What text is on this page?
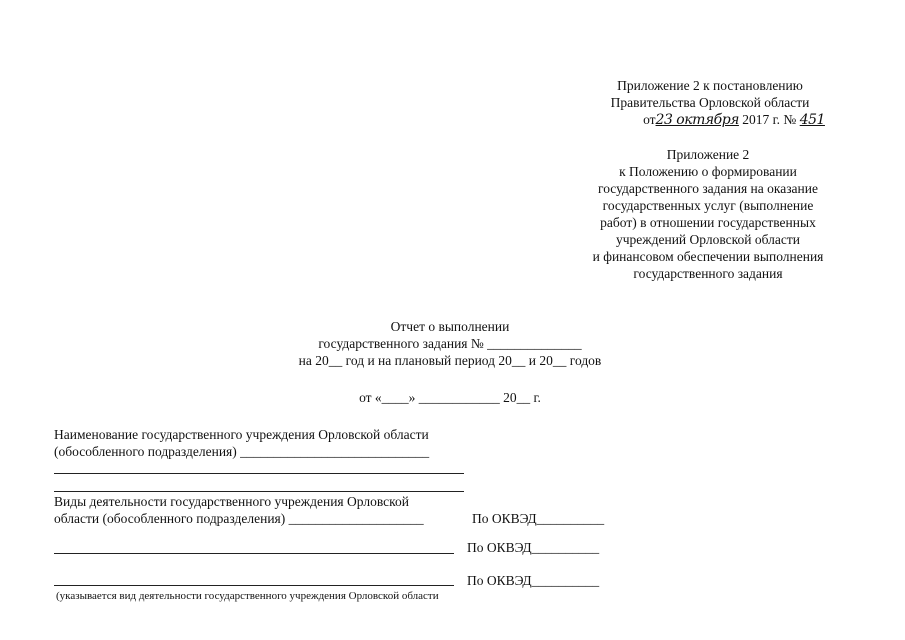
Приложение 2 к постановлению
Правительства Орловской области
от23 октября 2017 г. № 451
Приложение 2
к Положению о формировании
государственного задания на оказание
государственных услуг (выполнение
работ) в отношении государственных
учреждений Орловской области
и финансовом обеспечении выполнения
государственного задания
Отчет о выполнении
государственного задания № ______________
на 20__ год и на плановый период 20__ и 20__ годов
от «____» ____________ 20__ г.
Наименование государственного учреждения Орловской области
(обособленного подразделения) ____________________________
Виды деятельности государственного учреждения Орловской
области (обособленного подразделения) ____________________	По ОКВЭД__________
По ОКВЭД__________
По ОКВЭД__________
(указывается вид деятельности государственного учреждения Орловской области
